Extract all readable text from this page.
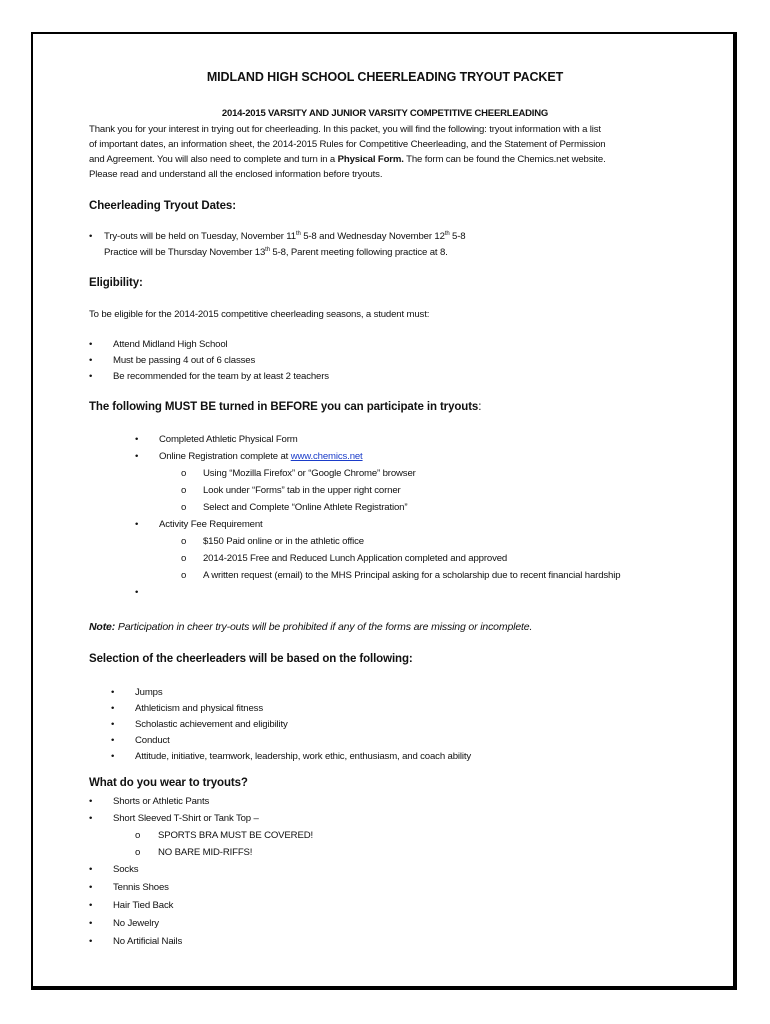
MIDLAND HIGH SCHOOL CHEERLEADING TRYOUT PACKET
2014-2015 VARSITY AND JUNIOR VARSITY COMPETITIVE CHEERLEADING
Thank you for your interest in trying out for cheerleading. In this packet, you will find the following: tryout information with a list
of important dates, an information sheet, the 2014-2015 Rules for Competitive Cheerleading, and the Statement of Permission
and Agreement. You will also need to complete and turn in a Physical Form. The form can be found the Chemics.net website.
Please read and understand all the enclosed information before tryouts.
Cheerleading Tryout Dates:
• Try-outs will be held on Tuesday, November 11th 5-8 and Wednesday November 12th 5-8
Practice will be Thursday November 13th 5-8, Parent meeting following practice at 8.
Eligibility:
To be eligible for the 2014-2015 competitive cheerleading seasons, a student must:
• Attend Midland High School
• Must be passing 4 out of 6 classes
• Be recommended for the team by at least 2 teachers
The following MUST BE turned in BEFORE you can participate in tryouts:
• Completed Athletic Physical Form
• Online Registration complete at www.chemics.net
o Using “Mozilla Firefox” or “Google Chrome” browser
o Look under “Forms” tab in the upper right corner
o Select and Complete “Online Athlete Registration”
• Activity Fee Requirement
o $150 Paid online or in the athletic office
o 2014-2015 Free and Reduced Lunch Application completed and approved
o A written request (email) to the MHS Principal asking for a scholarship due to recent financial hardship
•
Note: Participation in cheer try-outs will be prohibited if any of the forms are missing or incomplete.
Selection of the cheerleaders will be based on the following:
• Jumps
• Athleticism and physical fitness
• Scholastic achievement and eligibility
• Conduct
• Attitude, initiative, teamwork, leadership, work ethic, enthusiasm, and coach ability
What do you wear to tryouts?
• Shorts or Athletic Pants
• Short Sleeved T-Shirt or Tank Top –
o SPORTS BRA MUST BE COVERED!
o NO BARE MID-RIFFS!
• Socks
• Tennis Shoes
• Hair Tied Back
• No Jewelry
• No Artificial Nails
